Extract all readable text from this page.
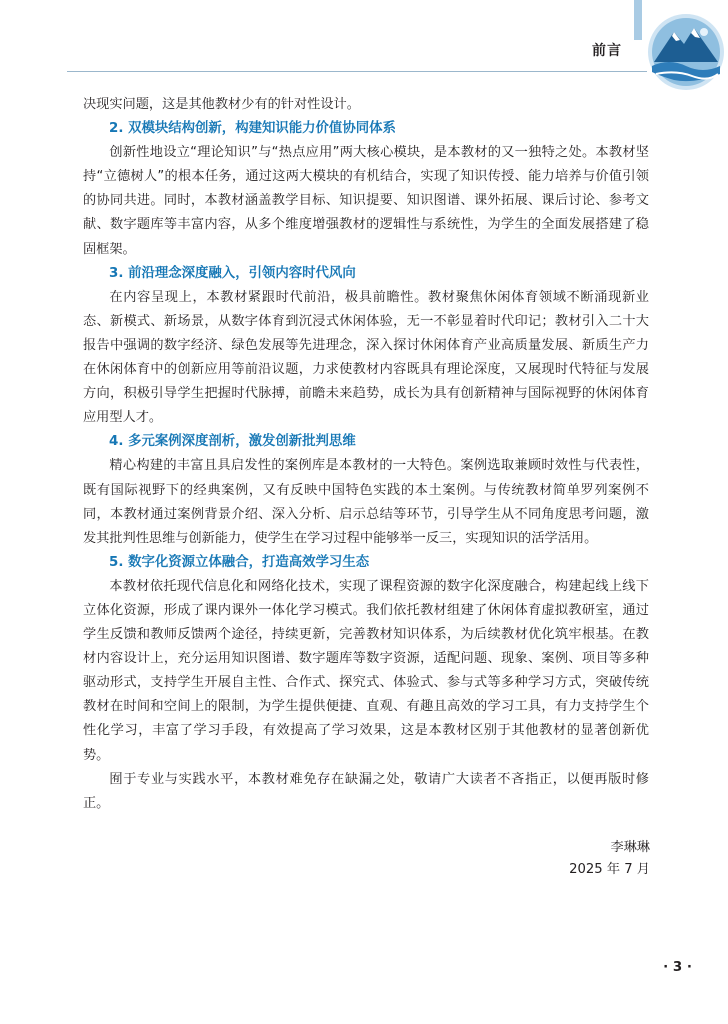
前言

决现实问题，这是其他教材少有的针对性设计。

2. 双模块结构创新，构建知识能力价值协同体系

创新性地设立“理论知识”与“热点应用”两大核心模块，是本教材的又一独特之处。本教材坚持“立德树人”的根本任务，通过这两大模块的有机结合，实现了知识传授、能力培养与价值引领的协同共进。同时，本教材涵盖教学目标、知识提要、知识图谱、课外拓展、课后讨论、参考文献、数字题库等丰富内容，从多个维度增强教材的逻辑性与系统性，为学生的全面发展搭建了稳固框架。

3. 前沿理念深度融入，引领内容时代风向

在内容呈现上，本教材紧跟时代前沿，极具前瞻性。教材聚焦休闲体育领域不断涌现新业态、新模式、新场景，从数字体育到沉浸式休闲体验，无一不彰显着时代印记；教材引入二十大报告中强调的数字经济、绿色发展等先进理念，深入探讨休闲体育产业高质量发展、新质生产力在休闲体育中的创新应用等前沿议题，力求使教材内容既具有理论深度，又展现时代特征与发展方向，积极引导学生把握时代脉搏，前瞻未来趋势，成长为具有创新精神与国际视野的休闲体育应用型人才。

4. 多元案例深度剖析，激发创新批判思维

精心构建的丰富且具启发性的案例库是本教材的一大特色。案例选取兼顾时效性与代表性，既有国际视野下的经典案例，又有反映中国特色实践的本土案例。与传统教材简单罗列案例不同，本教材通过案例背景介绍、深入分析、启示总结等环节，引导学生从不同角度思考问题，激发其批判性思维与创新能力，使学生在学习过程中能够举一反三，实现知识的活学活用。

5. 数字化资源立体融合，打造高效学习生态

本教材依托现代信息化和网络化技术，实现了课程资源的数字化深度融合，构建起线上线下立体化资源，形成了课内课外一体化学习模式。我们依托教材组建了休闲体育虚拟教研室，通过学生反馈和教师反馈两个途径，持续更新，完善教材知识体系，为后续教材优化筑牢根基。在教材内容设计上，充分运用知识图谱、数字题库等数字资源，适配问题、现象、案例、项目等多种驱动形式，支持学生开展自主性、合作式、探究式、体验式、参与式等多种学习方式，突破传统教材在时间和空间上的限制，为学生提供便捷、直观、有趣且高效的学习工具，有力支持学生个性化学习，丰富了学习手段，有效提高了学习效果，这是本教材区别于其他教材的显著创新优势。

囿于专业与实践水平，本教材难免存在缺漏之处，敬请广大读者不吝指正，以便再版时修正。

李琳琳
2025 年 7 月
· 3 ·
